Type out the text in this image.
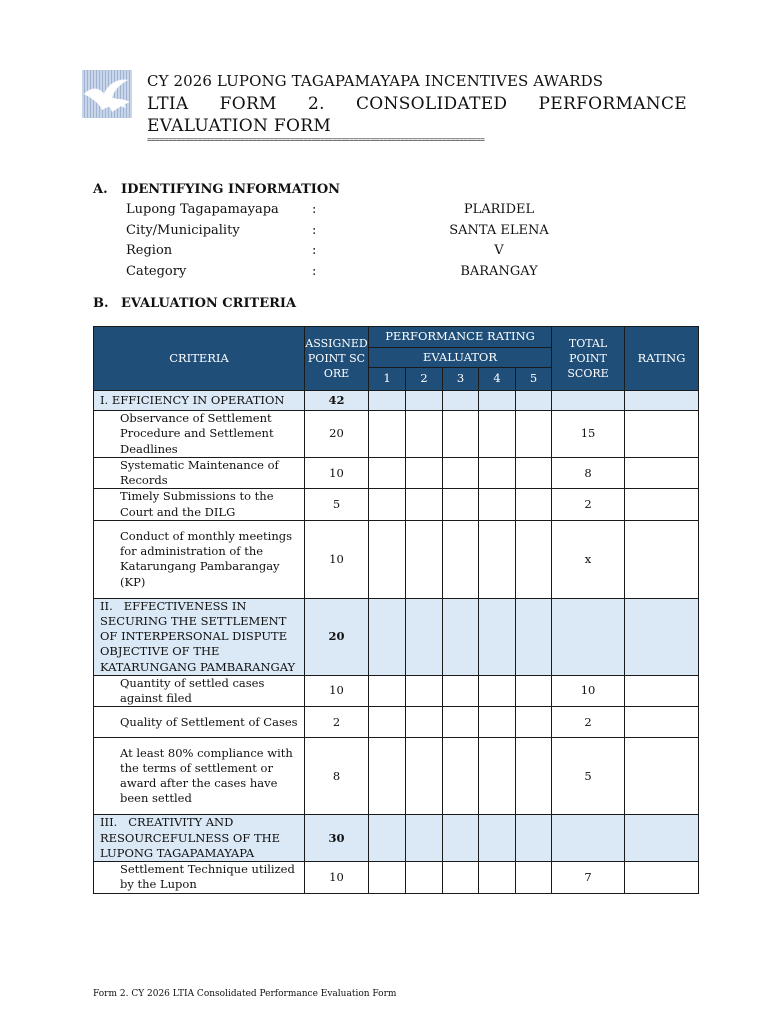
CY 2026 LUPONG TAGAPAMAYAPA INCENTIVES AWARDS
LTIA FORM 2. CONSOLIDATED PERFORMANCE EVALUATION FORM
================================================================================
A. IDENTIFYING INFORMATION
Lupong Tagapamayapa	:	PLARIDEL
City/Municipality	:	SANTA ELENA
Region	:	V
Category	:	BARANGAY
B. EVALUATION CRITERIA
CRITERIA	ASSIGNED POINT SCORE	PERFORMANCE RATING					TOTAL POINT SCORE	RATING
		EVALUATOR						
		1	2	3	4	5		
I. EFFICIENCY IN OPERATION	42							
Observance of Settlement Procedure and Settlement Deadlines	20						15	
Systematic Maintenance of Records	10						8	
Timely Submissions to the Court and the DILG	5						2	
Conduct of monthly meetings for administration of the Katarungang Pambarangay (KP)	10						x	
II.   EFFECTIVENESS IN SECURING THE SETTLEMENT OF INTERPERSONAL DISPUTE OBJECTIVE OF THE KATARUNGANG PAMBARANGAY	20							
Quantity of settled cases against filed	10						10	
Quality of Settlement of Cases	2						2	
At least 80% compliance with the terms of settlement or award after the cases have been settled	8						5	
III.   CREATIVITY AND RESOURCEFULNESS OF THE LUPONG TAGAPAMAYAPA	30							
Settlement Technique utilized by the Lupon	10						7	
Form 2. CY 2026 LTIA Consolidated Performance Evaluation Form
